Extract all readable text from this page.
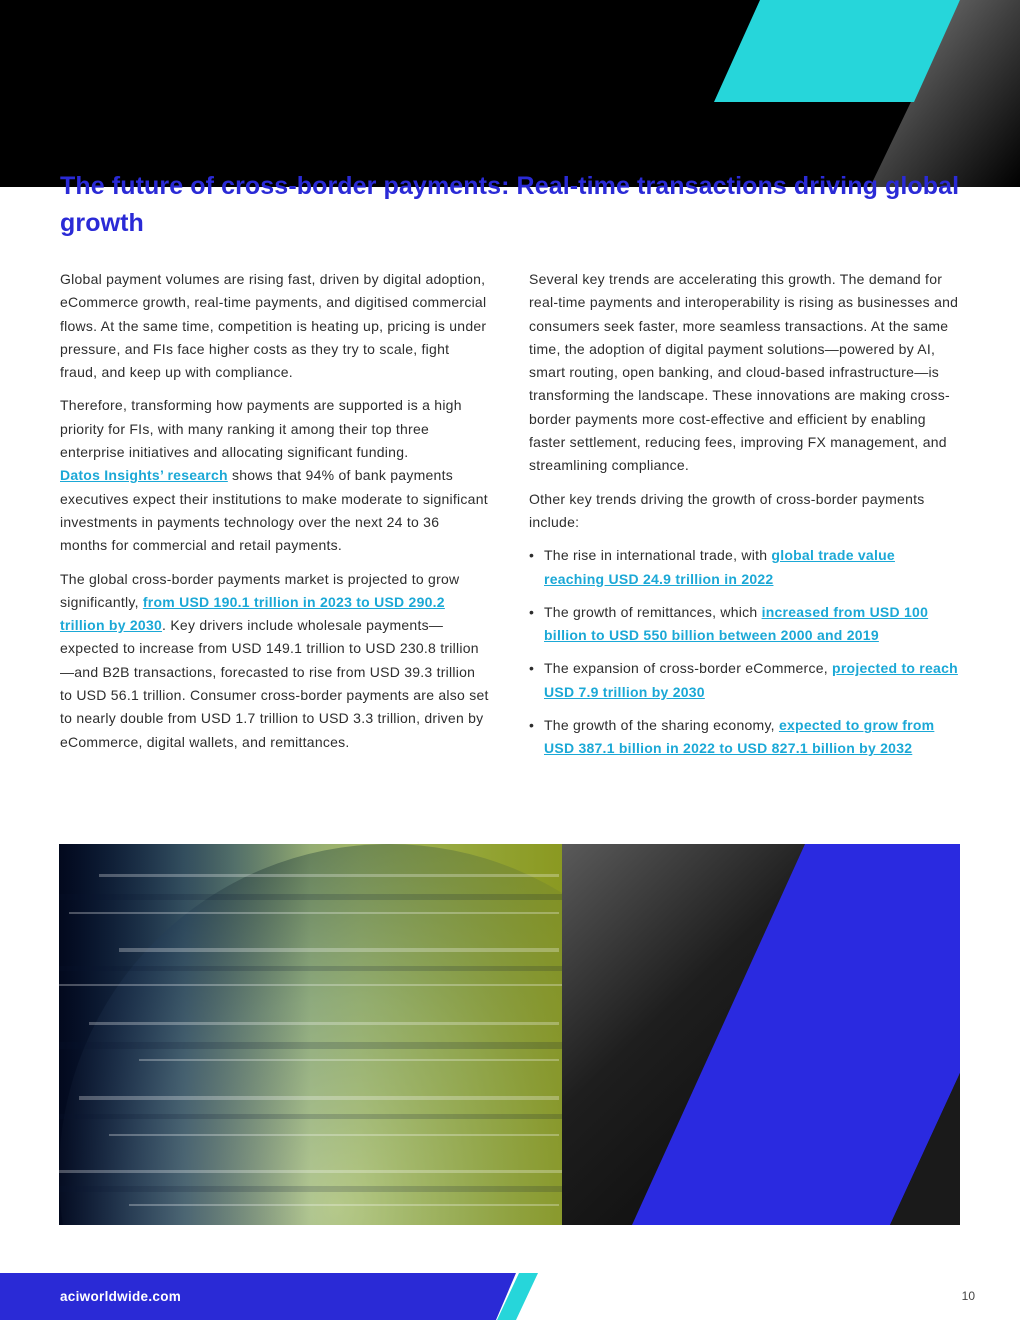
The future of cross-border payments: Real-time transactions driving global growth

Global payment volumes are rising fast, driven by digital adoption, eCommerce growth, real-time payments, and digitised commercial flows. At the same time, competition is heating up, pricing is under pressure, and FIs face higher costs as they try to scale, fight fraud, and keep up with compliance.

Therefore, transforming how payments are supported is a high priority for FIs, with many ranking it among their top three enterprise initiatives and allocating significant funding.
Datos Insights’ research shows that 94% of bank payments executives expect their institutions to make moderate to significant investments in payments technology over the next 24 to 36 months for commercial and retail payments.

The global cross-border payments market is projected to grow significantly, from USD 190.1 trillion in 2023 to USD 290.2 trillion by 2030. Key drivers include wholesale payments—expected to increase from USD 149.1 trillion to USD 230.8 trillion—and B2B transactions, forecasted to rise from USD 39.3 trillion to USD 56.1 trillion. Consumer cross-border payments are also set to nearly double from USD 1.7 trillion to USD 3.3 trillion, driven by eCommerce, digital wallets, and remittances.

Several key trends are accelerating this growth. The demand for real-time payments and interoperability is rising as businesses and consumers seek faster, more seamless transactions. At the same time, the adoption of digital payment solutions—powered by AI, smart routing, open banking, and cloud-based infrastructure—is transforming the landscape. These innovations are making cross-border payments more cost-effective and efficient by enabling faster settlement, reducing fees, improving FX management, and streamlining compliance.

Other key trends driving the growth of cross-border payments include:

• The rise in international trade, with global trade value reaching USD 24.9 trillion in 2022
• The growth of remittances, which increased from USD 100 billion to USD 550 billion between 2000 and 2019
• The expansion of cross-border eCommerce, projected to reach USD 7.9 trillion by 2030
• The growth of the sharing economy, expected to grow from USD 387.1 billion in 2022 to USD 827.1 billion by 2032
aciworldwide.com	10
